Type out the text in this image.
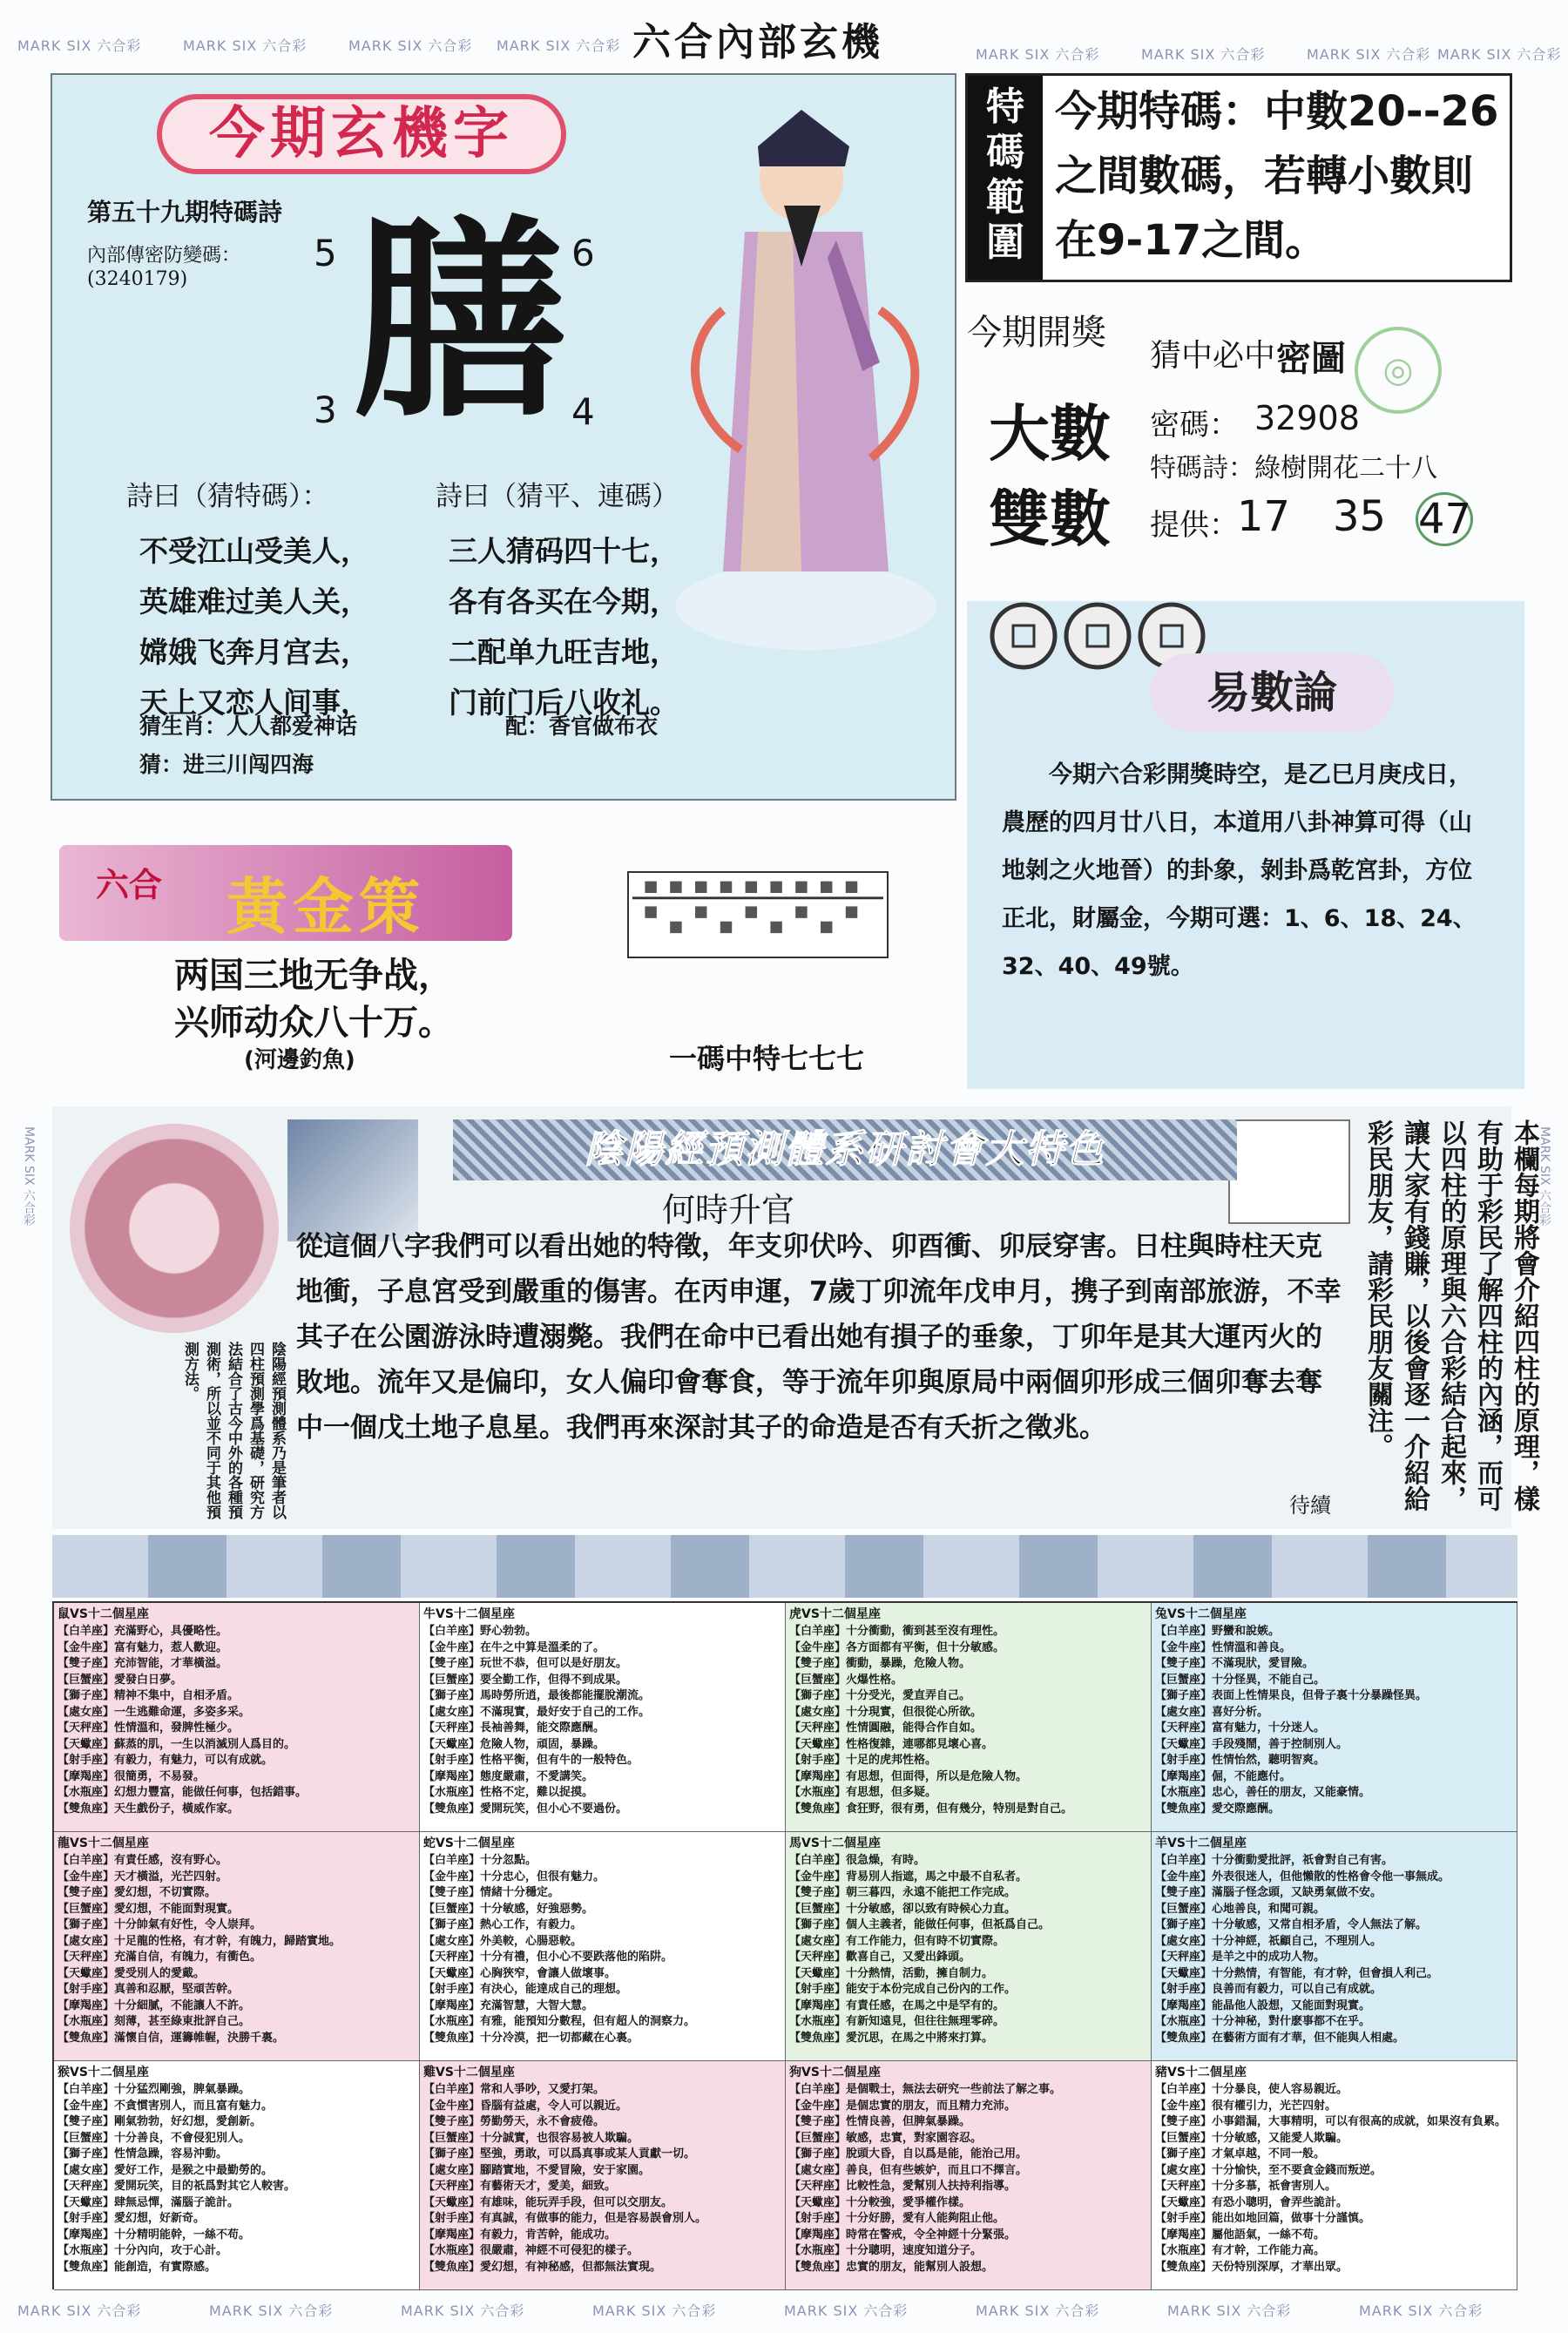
MARK SIX 六合彩	MARK SIX 六合彩	MARK SIX 六合彩 MARK SIX 六合彩
MARK SIX 六合彩	MARK SIX 六合彩	MARK SIX 六合彩 MARK SIX 六合彩
MARK SIX 六合彩	MARK SIX 六合彩	MARK SIX 六合彩	MARK SIX 六合彩	MARK SIX 六合彩	MARK SIX 六合彩	MARK SIX 六合彩	MARK SIX 六合彩
MARK SIX 六合彩	MARK SIX 六合彩
六合內部玄機
今期玄機字
第五十九期特碼詩
內部傳密防變碼：
(3240179)
5	6
3	4
膳
詩曰（猜特碼）：	詩曰（猜平、連碼）
不受江山受美人，
英雄难过美人关，
嫦娥飞奔月宫去，
天上又恋人间事，
三人猜码四十七，
各有各买在今期，
二配单九旺吉地，
门前门后八收礼。
猜生肖：人人都爱神话
猜：进三川闯四海
配：香官做布衣
特碼範圍
今期特碼：中數20--26之間數碼，若轉小數則在9-17之間。
今期開獎
大數
雙數
猜中必中 密圖	◎
密碼： 32908
特碼詩：綠樹開花二十八
提供：
17 35 47
易數論
今期六合彩開獎時空，是乙巳月庚戌日，農歷的四月廿八日，本道用八卦神算可得（山地剝之火地晉）的卦象，剝卦爲乾宮卦，方位正北，財屬金，今期可選：1、6、18、24、32、40、49號。
六合 黃金策
两国三地无争战，
兴师动众八十万。
(河邊釣魚)	一碼中特七七七
陰陽經預測體系研討會大特色
何時升官
從這個八字我們可以看出她的特徵，年支卯伏吟、卯酉衝、卯辰穿害。日柱與時柱天克地衝，子息宮受到嚴重的傷害。在丙申運，7歲丁卯流年戊申月，携子到南部旅游，不幸其子在公園游泳時遭溺斃。我們在命中已看出她有損子的垂象，丁卯年是其大運丙火的敗地。流年又是偏印，女人偏印會奪食，等于流年卯與原局中兩個卯形成三個卯奪去奪中一個戊土地子息星。我們再來深討其子的命造是否有夭折之徵兆。
待續	本欄每期將會介紹四柱的原理，樣有助于彩民了解四柱的內涵，而可以四柱的原理與六合彩結合起來，讓大家有錢賺，以後會逐一介紹給彩民朋友，請彩民朋友關注。
陰陽經預測體系乃是筆者以四柱預測學爲基礎，研究方法結合了古今中外的各種預測術，所以並不同于其他預測方法。
鼠VS十二個星座
【白羊座】充滿野心，具優略性。
【金牛座】富有魅力，惹人歡迎。
【雙子座】充沛智能，才華橫溢。
【巨蟹座】愛發白日夢。
【獅子座】精神不集中，自相矛盾。
【處女座】一生逃難命運，多姿多采。
【天秤座】性情溫和，發脾性極少。
【天蠍座】蘇蒸的肌，一生以消滅別人爲目的。
【射手座】有毅力，有魅力，可以有成就。
【摩羯座】很簡勇，不易發。
【水瓶座】幻想力豐富，能做任何事，包括錯事。
【雙魚座】天生戲份子，橫威作家。
牛VS十二個星座
【白羊座】野心勃勃。
【金牛座】在牛之中算是溫柔的了。
【雙子座】玩世不恭，但可以是好朋友。
【巨蟹座】要全勤工作，但得不到成果。
【獅子座】馬時勞所逍，最後都能擺脫潮流。
【處女座】不滿現實，最好安于自己的工作。
【天秤座】長袖善舞，能交際應酬。
【天蠍座】危險人物，頑固，暴躁。
【射手座】性格平衡，但有牛的一般特色。
【摩羯座】態度嚴肅，不愛講笑。
【水瓶座】性格不定，難以捉摸。
【雙魚座】愛開玩笑，但小心不要過份。
虎VS十二個星座
【白羊座】十分衝動，衝到甚至沒有理性。
【金牛座】各方面都有平衡，但十分敏感。
【雙子座】衝動，暴躁，危險人物。
【巨蟹座】火爆性格。
【獅子座】十分受光，愛直弄自己。
【處女座】十分現實，但很從心所欲。
【天秤座】性情圓融，能得合作自如。
【天蠍座】性格復雜，連哪都見壞心喜。
【射手座】十足的虎邦性格。
【摩羯座】有思想，但面得，所以是危險人物。
【水瓶座】有思想，但多疑。
【雙魚座】食狂野，很有勇，但有幾分，特別是對自己。
兔VS十二個星座
【白羊座】野蠻和說嫉。
【金牛座】性情溫和善良。
【雙子座】不滿現狀，愛冒險。
【巨蟹座】十分怪異，不能自己。
【獅子座】表面上性情果良，但骨子裏十分暴躁怪異。
【處女座】喜好分析。
【天秤座】富有魅力，十分迷人。
【天蠍座】手段殘鬧，善于控制別人。
【射手座】性情怡然，聽明智爽。
【摩羯座】倔，不能應付。
【水瓶座】忠心，善任的朋友，又能豪情。
【雙魚座】愛交際應酬。
龍VS十二個星座
【白羊座】有責任感，沒有野心。
【金牛座】天才橫溢，光芒四射。
【雙子座】愛幻想，不切實際。
【巨蟹座】愛幻想，不能面對現實。
【獅子座】十分帥氣有好性，令人崇拜。
【處女座】十足龍的性格，有才幹，有魄力，歸踏實地。
【天秤座】充滿自信，有魄力，有衝色。
【天蠍座】愛受別人的愛戴。
【射手座】真善和忍厭，堅頑苦幹。
【摩羯座】十分細膩，不能讓人不許。
【水瓶座】刻薄，甚至綠東批評自己。
【雙魚座】滿懷自信，運籌帷幄，決勝千裏。
蛇VS十二個星座
【白羊座】十分忽點。
【金牛座】十分忠心，但很有魅力。
【雙子座】情緒十分穩定。
【巨蟹座】十分敏感，好強惡勢。
【獅子座】熱心工作，有毅力。
【處女座】外美較，心腸惡較。
【天秤座】十分有禮，但小心不要跌落他的陷阱。
【天蠍座】心胸狹窄，會讓人做壞事。
【射手座】有決心，能達成自己的理想。
【摩羯座】充滿智慧，大智大慧。
【水瓶座】有雅，能預知分數程，但有超人的洞察力。
【雙魚座】十分冷漠，把一切都藏在心裏。
馬VS十二個星座
【白羊座】很急燥，有時。
【金牛座】背易別人指遮，馬之中最不自私者。
【雙子座】朝三暮四，永遠不能把工作完成。
【巨蟹座】十分敏感，卻以致有時候心力直。
【獅子座】個人主義者，能做任何事，但祇爲自己。
【處女座】有工作能力，但有時不切實際。
【天秤座】歡喜自己，又愛出鋒頭。
【天蠍座】十分熱情，活動，擁自制力。
【射手座】能安于本份完成自己份內的工作。
【摩羯座】有責任感，在馬之中是罕有的。
【水瓶座】有新知遠見，但往往無理零碎。
【雙魚座】愛沉思，在馬之中將來打算。
羊VS十二個星座
【白羊座】十分衝動愛批評，祇會對自己有害。
【金牛座】外表很迷人，但他懶散的性格會令他一事無成。
【雙子座】滿腦子怪念頭，又缺勇氣做不安。
【巨蟹座】心地善良，和聞可親。
【獅子座】十分敏感，又常自相矛盾，令人無法了解。
【處女座】十分神經，祇顧自己，不理別人。
【天秤座】是羊之中的成功人物。
【天蠍座】十分熱情，有智能，有才幹，但會損人利己。
【射手座】良善而有毅力，可以自己有成就。
【摩羯座】能晶他人設想，又能面對現實。
【水瓶座】十分神秘，對什麽事都不在乎。
【雙魚座】在藝術方面有才華，但不能與人相處。
猴VS十二個星座
【白羊座】十分猛烈剛強，脾氣暴躁。
【金牛座】不貪慣害別人，而且富有魅力。
【雙子座】剛氣勃勃，好幻想，愛創新。
【巨蟹座】十分善良，不會侵犯別人。
【獅子座】性情急躁，容易沖動。
【處女座】愛好工作，是猴之中最勤勞的。
【天秤座】愛開玩笑，目的祇爲對其它人較害。
【天蠍座】肆無忌憚，滿腦子詭計。
【射手座】愛幻想，好新奇。
【摩羯座】十分精明能幹，一絲不苟。
【水瓶座】十分內向，攻于心計。
【雙魚座】能創造，有實際感。
雞VS十二個星座
【白羊座】常和人爭吵，又愛打架。
【金牛座】昏腦有益處，令人可以親近。
【雙子座】勞勤勞天，永不會疲倦。
【巨蟹座】十分誠實，也很容易被人欺騙。
【獅子座】堅強，勇敢，可以爲真事或某人貢獻一切。
【處女座】腳踏實地，不愛冒險，安于家園。
【天秤座】有藝術天才，愛美，細致。
【天蠍座】有雄味，能玩弄手段，但可以交朋友。
【射手座】有真誠，有做事的能力，但是容易誤會別人。
【摩羯座】有毅力，肯苦幹，能成功。
【水瓶座】很嚴肅，神經不可侵犯的樣子。
【雙魚座】愛幻想，有神秘感，但都無法實現。
狗VS十二個星座
【白羊座】是個戰士，無法去研究一些前法了解之事。
【金牛座】是個忠實的朋友，而且精力充沛。
【雙子座】性情良善，但脾氣暴躁。
【巨蟹座】敏感，忠實，對家園容忍。
【獅子座】脫頭大昏，自以爲是能，能治己用。
【處女座】善良，但有些嫉妒，而且口不擇言。
【天秤座】比較性急，愛幫別人扶持利指導。
【天蠍座】十分較強，愛爭權作樣。
【射手座】十分好勝，愛有人能夠阻止他。
【摩羯座】時常在警戒，令全神經十分緊張。
【水瓶座】十分聰明，速度知道分子。
【雙魚座】忠實的朋友，能幫別人設想。
豬VS十二個星座
【白羊座】十分暴良，使人容易親近。
【金牛座】很有權引力，光芒四射。
【雙子座】小事錯漏，大事精明，可以有很高的成就，如果沒有負累。
【巨蟹座】十分敏感，又能愛人欺騙。
【獅子座】才氣卓越，不同一般。
【處女座】十分愉快，至不要貪金錢而叛逆。
【天秤座】十分多慕，祇會害別人。
【天蠍座】有恐小聰明，會弄些詭計。
【射手座】能出如地回篇，做事十分謹慎。
【摩羯座】屬他語氣，一絲不苟。
【水瓶座】有才幹，工作能力高。
【雙魚座】天份特別深厚，才華出眾。
